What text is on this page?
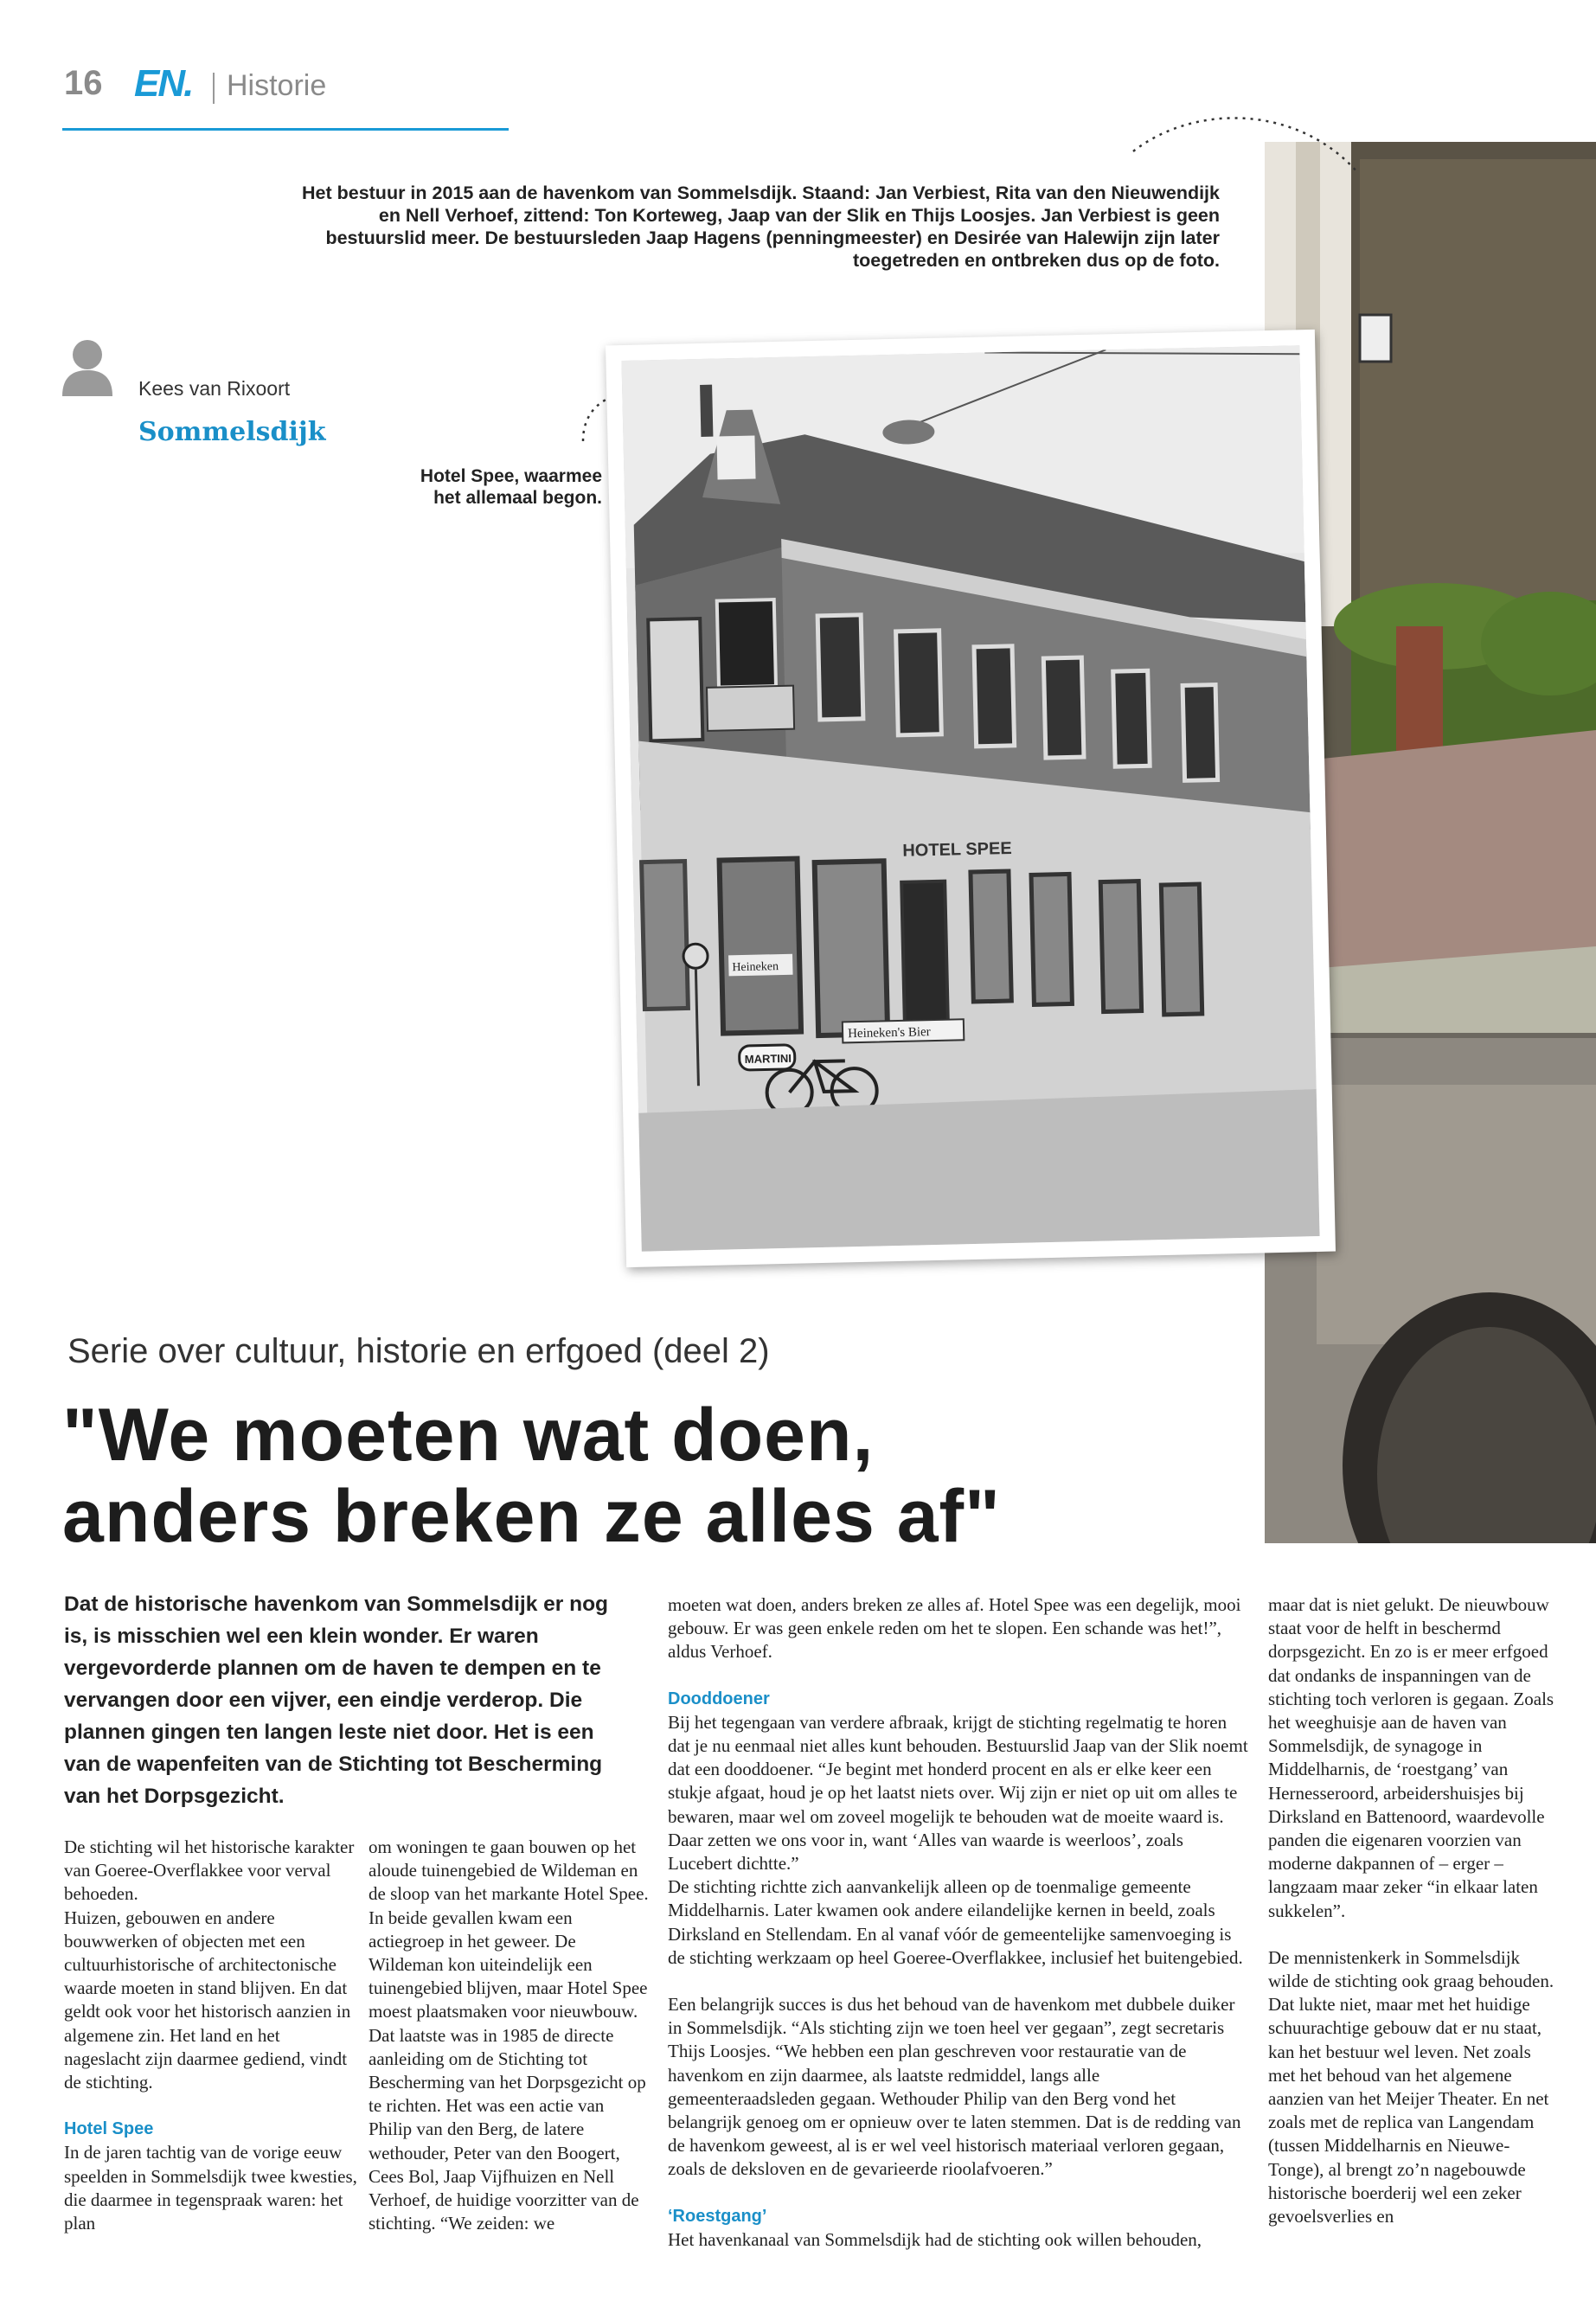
16 EN. Historie
Het bestuur in 2015 aan de havenkom van Sommelsdijk. Staand: Jan Verbiest, Rita van den Nieuwendijk en Nell Verhoef, zittend: Ton Korteweg, Jaap van der Slik en Thijs Loosjes. Jan Verbiest is geen bestuurslid meer. De bestuursleden Jaap Hagens (penningmeester) en Desirée van Halewijn zijn later toegetreden en ontbreken dus op de foto.
Kees van Rixoort
Sommelsdijk
Hotel Spee, waarmee het allemaal begon.
HOTEL SPEE
Heineken
Heineken's Bier
MARTINI
Serie over cultuur, historie en erfgoed (deel 2)
"We moeten wat doen,
anders breken ze alles af"
Dat de historische havenkom van Sommelsdijk er nog is, is misschien wel een klein wonder. Er waren vergevorderde plannen om de haven te dempen en te vervangen door een vijver, een eindje verderop. Die plannen gingen ten langen leste niet door. Het is een van de wapenfeiten van de Stichting tot Bescherming van het Dorpsgezicht.

De stichting wil het historische karakter van Goeree-Overflakkee voor verval behoeden.

Huizen, gebouwen en andere bouwwerken of objecten met een cultuurhistorische of architectonische waarde moeten in stand blijven. En dat geldt ook voor het historisch aanzien in algemene zin. Het land en het nageslacht zijn daarmee gediend, vindt de stichting.

Hotel Spee

In de jaren tachtig van de vorige eeuw speelden in Sommelsdijk twee kwesties, die daarmee in tegenspraak waren: het plan

om woningen te gaan bouwen op het aloude tuinengebied de Wildeman en de sloop van het markante Hotel Spee. In beide gevallen kwam een actiegroep in het geweer. De Wildeman kon uiteindelijk een tuinengebied blijven, maar Hotel Spee moest plaatsmaken voor nieuwbouw.

Dat laatste was in 1985 de directe aanleiding om de Stichting tot Bescherming van het Dorpsgezicht op te richten. Het was een actie van Philip van den Berg, de latere wethouder, Peter van den Boogert, Cees Bol, Jaap Vijfhuizen en Nell Verhoef, de huidige voorzitter van de stichting. “We zeiden: we

moeten wat doen, anders breken ze alles af. Hotel Spee was een degelijk, mooi gebouw. Er was geen enkele reden om het te slopen. Een schande was het!”, aldus Verhoef.

Dooddoener

Bij het tegengaan van verdere afbraak, krijgt de stichting regelmatig te horen dat je nu eenmaal niet alles kunt behouden. Bestuurslid Jaap van der Slik noemt dat een dooddoener. “Je begint met honderd procent en als er elke keer een stukje afgaat, houd je op het laatst niets over. Wij zijn er niet op uit om alles te bewaren, maar wel om zoveel mogelijk te behouden wat de moeite waard is. Daar zetten we ons voor in, want ‘Alles van waarde is weerloos’, zoals Lucebert dichtte.”

De stichting richtte zich aanvankelijk alleen op de toenmalige gemeente Middelharnis. Later kwamen ook andere eilandelijke kernen in beeld, zoals Dirksland en Stellendam. En al vanaf vóór de gemeentelijke samenvoeging is de stichting werkzaam op heel Goeree-Overflakkee, inclusief het buitengebied.

Een belangrijk succes is dus het behoud van de havenkom met dubbele duiker in Sommelsdijk. “Als stichting zijn we toen heel ver gegaan”, zegt secretaris Thijs Loosjes. “We hebben een plan geschreven voor restauratie van de havenkom en zijn daarmee, als laatste redmiddel, langs alle gemeenteraadsleden gegaan. Wethouder Philip van den Berg vond het belangrijk genoeg om er opnieuw over te laten stemmen. Dat is de redding van de havenkom geweest, al is er wel veel historisch materiaal verloren gegaan, zoals de deksloven en de gevarieerde rioolafvoeren.”

‘Roestgang’

Het havenkanaal van Sommelsdijk had de stichting ook willen behouden,

maar dat is niet gelukt. De nieuwbouw staat voor de helft in beschermd dorpsgezicht. En zo is er meer erfgoed dat ondanks de inspanningen van de stichting toch verloren is gegaan. Zoals het weeghuisje aan de haven van Sommelsdijk, de synagoge in Middelharnis, de ‘roestgang’ van Hernesseroord, arbeidershuisjes bij Dirksland en Battenoord, waardevolle panden die eigenaren voorzien van moderne dakpannen of – erger – langzaam maar zeker “in elkaar laten sukkelen”.

De mennistenkerk in Sommelsdijk wilde de stichting ook graag behouden. Dat lukte niet, maar met het huidige schuurachtige gebouw dat er nu staat, kan het bestuur wel leven. Net zoals met het behoud van het algemene aanzien van het Meijer Theater. En net zoals met de replica van Langendam (tussen Middelharnis en Nieuwe-Tonge), al brengt zo’n nagebouwde historische boerderij wel een zeker gevoelsverlies en
